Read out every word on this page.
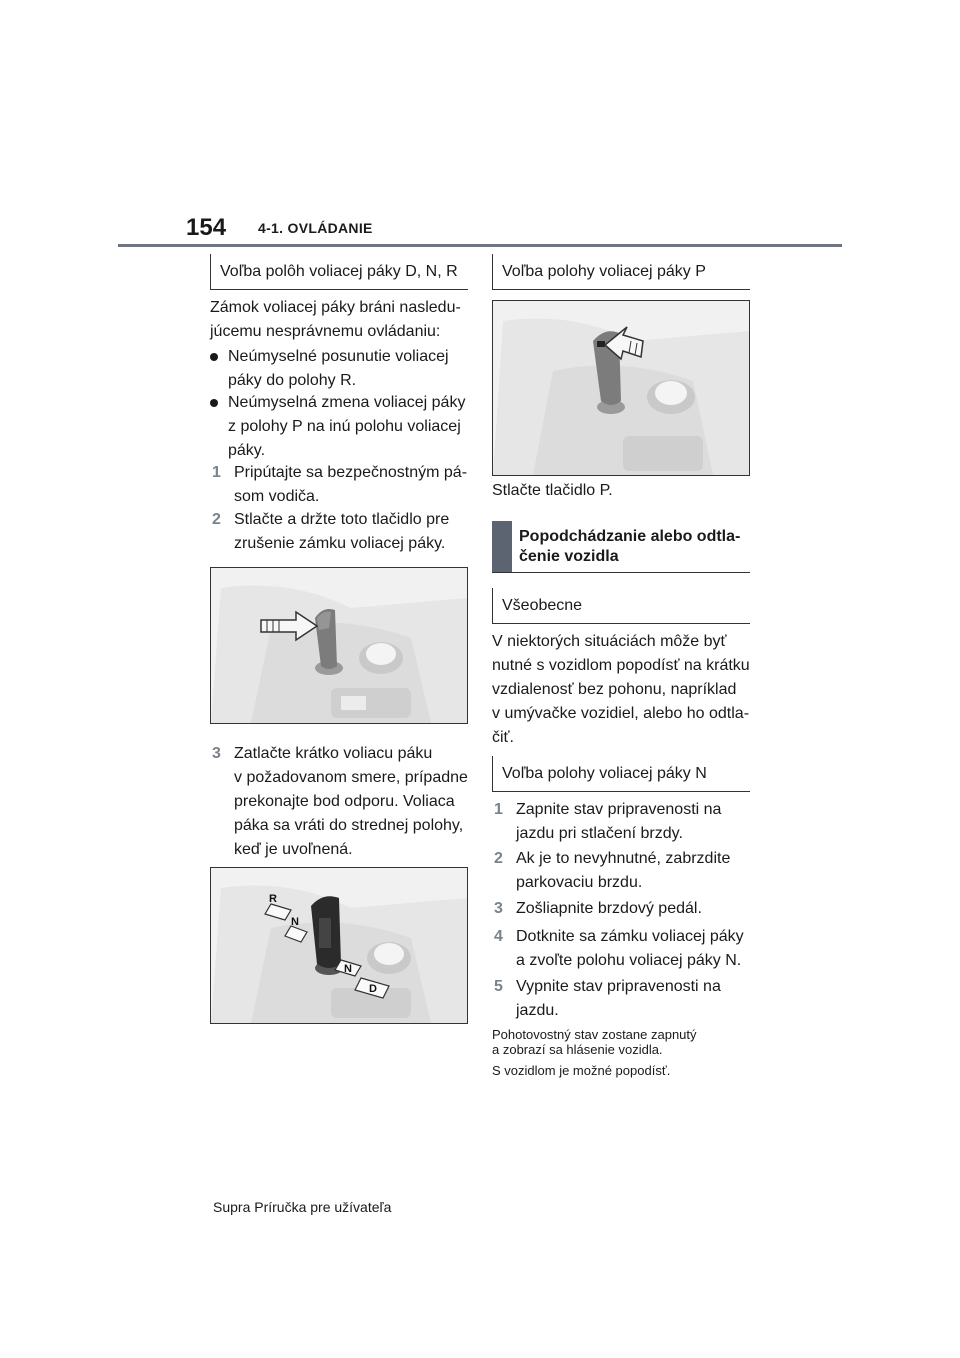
154 4-1. OVLÁDANIE
Voľba polôh voliacej páky D, N, R
Zámok voliacej páky bráni nasledu-
júcemu nesprávnemu ovládaniu:
Neúmyselné posunutie voliacej
páky do polohy R.
Neúmyselná zmena voliacej páky
z polohy P na inú polohu voliacej
páky.
1 Pripútajte sa bezpečnostným pá-
som vodiča.
2 Stlačte a držte toto tlačidlo pre
zrušenie zámku voliacej páky.
3 Zatlačte krátko voliacu páku
v požadovanom smere, prípadne
prekonajte bod odporu. Voliaca
páka sa vráti do strednej polohy,
keď je uvoľnená.
R
N
N
D
Voľba polohy voliacej páky P
Stlačte tlačidlo P.
Popodchádzanie alebo odtla-
čenie vozidla
Všeobecne
V niektorých situáciách môže byť
nutné s vozidlom popodísť na krátku
vzdialenosť bez pohonu, napríklad
v umývačke vozidiel, alebo ho odtla-
čiť.
Voľba polohy voliacej páky N
1 Zapnite stav pripravenosti na
jazdu pri stlačení brzdy.
2 Ak je to nevyhnutné, zabrzdite
parkovaciu brzdu.
3 Zošliapnite brzdový pedál.
4 Dotknite sa zámku voliacej páky
a zvoľte polohu voliacej páky N.
5 Vypnite stav pripravenosti na
jazdu.
Pohotovostný stav zostane zapnutý
a zobrazí sa hlásenie vozidla.
S vozidlom je možné popodísť.
Supra Príručka pre užívateľa
